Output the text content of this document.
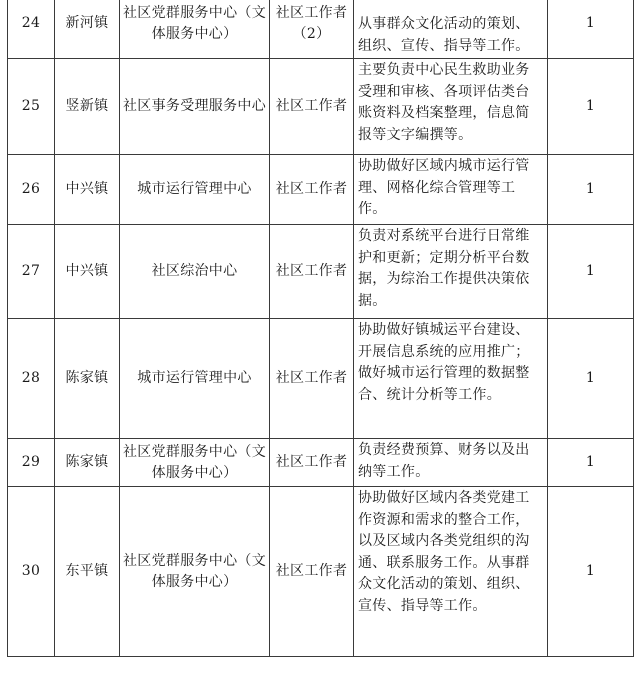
24	新河镇	社区党群服务中心（文体服务中心）	社区工作者（2）	从事群众文化活动的策划、组织、宣传、指导等工作。	1
25	竖新镇	社区事务受理服务中心	社区工作者	主要负责中心民生救助业务受理和审核、各项评估类台账资料及档案整理，信息简报等文字编撰等。	1
26	中兴镇	城市运行管理中心	社区工作者	协助做好区域内城市运行管理、网格化综合管理等工作。	1
27	中兴镇	社区综治中心	社区工作者	负责对系统平台进行日常维护和更新；定期分析平台数据，为综治工作提供决策依据。	1
28	陈家镇	城市运行管理中心	社区工作者	协助做好镇城运平台建设、开展信息系统的应用推广；做好城市运行管理的数据整合、统计分析等工作。	1
29	陈家镇	社区党群服务中心（文体服务中心）	社区工作者	负责经费预算、财务以及出纳等工作。	1
30	东平镇	社区党群服务中心（文体服务中心）	社区工作者	协助做好区域内各类党建工作资源和需求的整合工作，以及区域内各类党组织的沟通、联系服务工作。从事群众文化活动的策划、组织、宣传、指导等工作。	1
